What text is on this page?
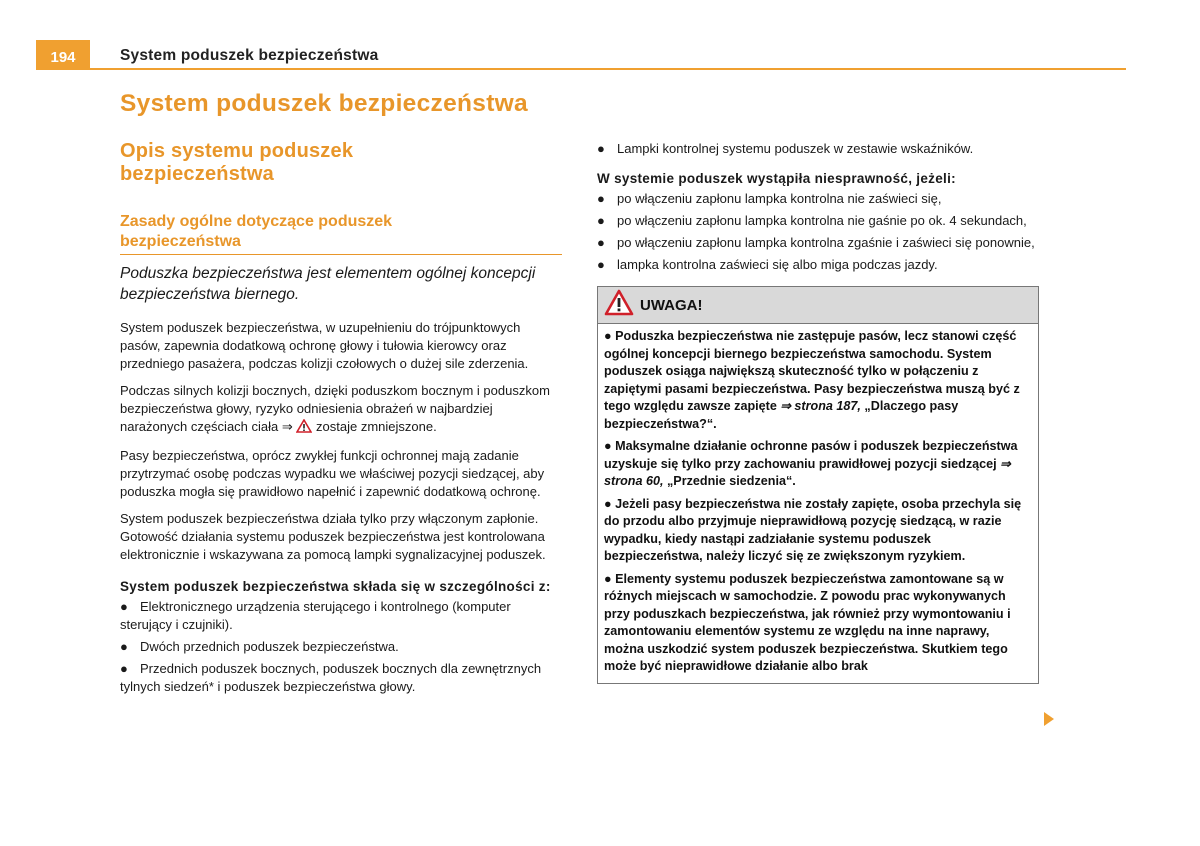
194	System poduszek bezpieczeństwa
System poduszek bezpieczeństwa
Opis systemu poduszek bezpieczeństwa
Zasady ogólne dotyczące poduszek bezpieczeństwa
Poduszka bezpieczeństwa jest elementem ogólnej koncepcji bezpieczeństwa biernego.

System poduszek bezpieczeństwa, w uzupełnieniu do trójpunktowych pasów, zapewnia dodatkową ochronę głowy i tułowia kierowcy oraz przedniego pasażera, podczas kolizji czołowych o dużej sile zderzenia.

Podczas silnych kolizji bocznych, dzięki poduszkom bocznym i poduszkom bezpieczeństwa głowy, ryzyko odniesienia obrażeń w najbardziej narażonych częściach ciała ⇒ zostaje zmniejszone.

Pasy bezpieczeństwa, oprócz zwykłej funkcji ochronnej mają zadanie przytrzymać osobę podczas wypadku we właściwej pozycji siedzącej, aby poduszka mogła się prawidłowo napełnić i zapewnić dodatkową ochronę.

System poduszek bezpieczeństwa działa tylko przy włączonym zapłonie. Gotowość działania systemu poduszek bezpieczeństwa jest kontrolowana elektronicznie i wskazywana za pomocą lampki sygnalizacyjnej poduszek.

System poduszek bezpieczeństwa składa się w szczególności z:
● Elektronicznego urządzenia sterującego i kontrolnego (komputer sterujący i czujniki).
● Dwóch przednich poduszek bezpieczeństwa.
● Przednich poduszek bocznych, poduszek bocznych dla zewnętrznych tylnych siedzeń* i poduszek bezpieczeństwa głowy.
● Lampki kontrolnej systemu poduszek w zestawie wskaźników.
W systemie poduszek wystąpiła niesprawność, jeżeli:
● po włączeniu zapłonu lampka kontrolna nie zaświeci się,
● po włączeniu zapłonu lampka kontrolna nie gaśnie po ok. 4 sekundach,
● po włączeniu zapłonu lampka kontrolna zgaśnie i zaświeci się ponownie,
● lampka kontrolna zaświeci się albo miga podczas jazdy.
UWAGA!

● Poduszka bezpieczeństwa nie zastępuje pasów, lecz stanowi część ogólnej koncepcji biernego bezpieczeństwa samochodu. System poduszek osiąga największą skuteczność tylko w połączeniu z zapiętymi pasami bezpieczeństwa. Pasy bezpieczeństwa muszą być z tego względu zawsze zapięte ⇒ strona 187, „Dlaczego pasy bezpieczeństwa?“.

● Maksymalne działanie ochronne pasów i poduszek bezpieczeństwa uzyskuje się tylko przy zachowaniu prawidłowej pozycji siedzącej ⇒ strona 60, „Przednie siedzenia“.

● Jeżeli pasy bezpieczeństwa nie zostały zapięte, osoba przechyla się do przodu albo przyjmuje nieprawidłową pozycję siedzącą, w razie wypadku, kiedy nastąpi zadziałanie systemu poduszek bezpieczeństwa, należy liczyć się ze zwiększonym ryzykiem.

● Elementy systemu poduszek bezpieczeństwa zamontowane są w różnych miejscach w samochodzie. Z powodu prac wykonywanych przy poduszkach bezpieczeństwa, jak również przy wymontowaniu i zamontowaniu elementów systemu ze względu na inne naprawy, można uszkodzić system poduszek bezpieczeństwa. Skutkiem tego może być nieprawidłowe działanie albo brak
